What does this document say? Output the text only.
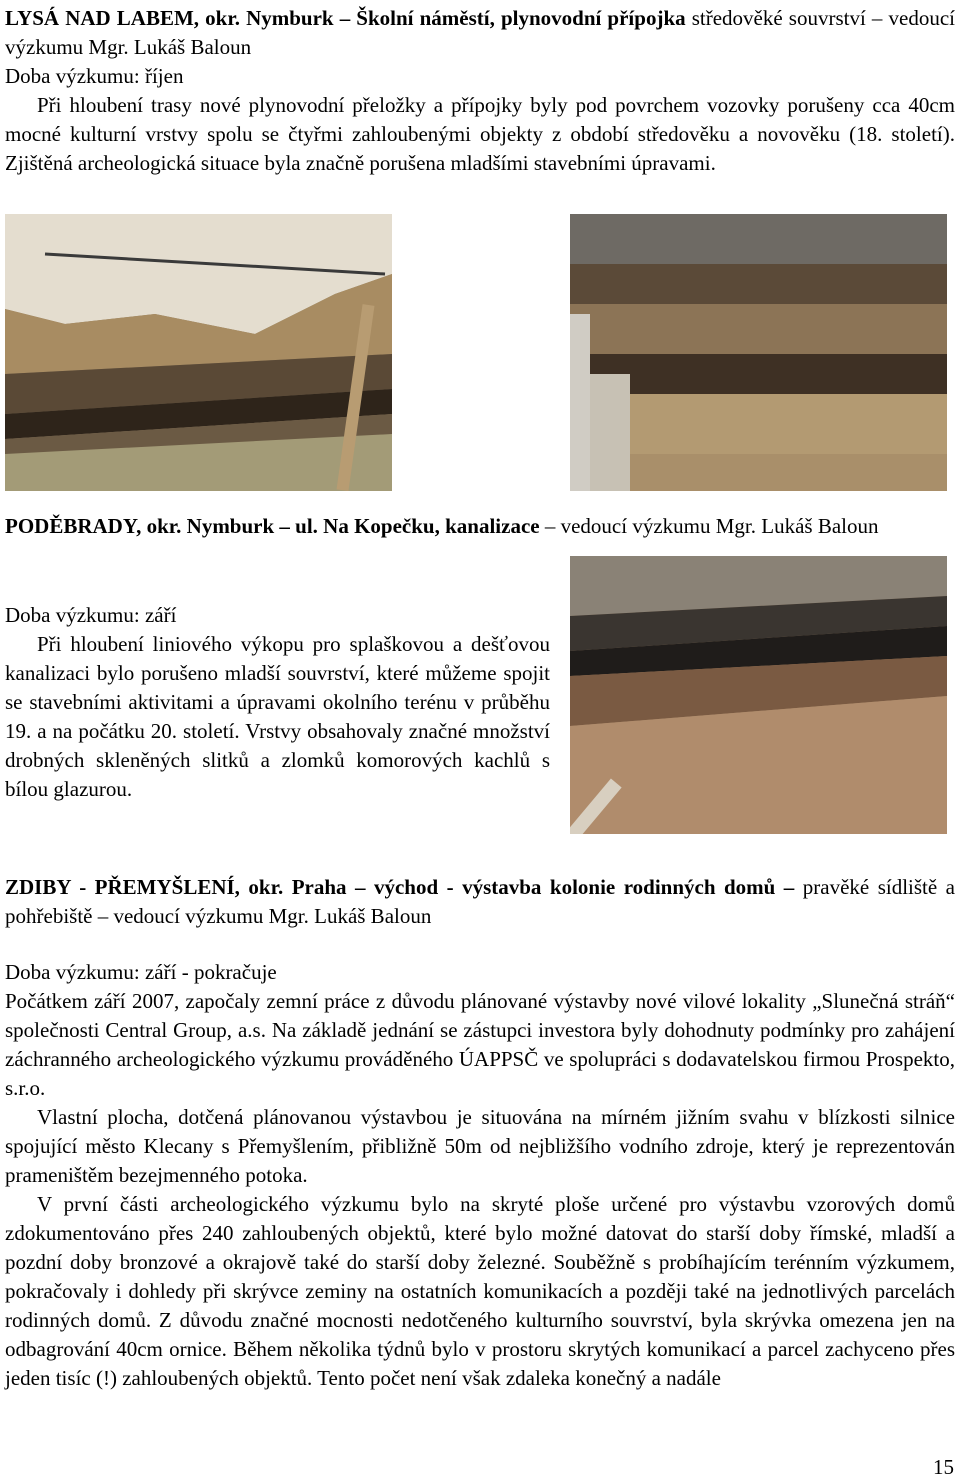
LYSÁ NAD LABEM, okr. Nymburk – Školní náměstí, plynovodní přípojka středověké souvrství – vedoucí výzkumu Mgr. Lukáš Baloun
Doba výzkumu: říjen

Při hloubení trasy nové plynovodní přeložky a přípojky byly pod povrchem vozovky porušeny cca 40cm mocné kulturní vrstvy spolu se čtyřmi zahloubenými objekty z období středověku a novověku (18. století). Zjištěná archeologická situace byla značně porušena mladšími stavebními úpravami.

PODĚBRADY, okr. Nymburk – ul. Na Kopečku, kanalizace – vedoucí výzkumu Mgr. Lukáš Baloun
Doba výzkumu: září

Při hloubení liniového výkopu pro splaškovou a dešťovou kanalizaci bylo porušeno mladší souvrství, které můžeme spojit se stavebními aktivitami a úpravami okolního terénu v průběhu 19. a na počátku 20. století. Vrstvy obsahovaly značné množství drobných skleněných slitků a zlomků komorových kachlů s bílou glazurou.

ZDIBY - PŘEMYŠLENÍ, okr. Praha – východ - výstavba kolonie rodinných domů – pravěké sídliště a pohřebiště – vedoucí výzkumu Mgr. Lukáš Baloun
Doba výzkumu: září - pokračuje

Počátkem září 2007, započaly zemní práce z důvodu plánované výstavby nové vilové lokality „Slunečná stráň“ společnosti Central Group, a.s. Na základě jednání se zástupci investora byly dohodnuty podmínky pro zahájení záchranného archeologického výzkumu prováděného ÚAPPSČ ve spolupráci s dodavatelskou firmou Prospekto, s.r.o.

Vlastní plocha, dotčená plánovanou výstavbou je situována na mírném jižním svahu v blízkosti silnice spojující město Klecany s Přemyšlením, přibližně 50m od nejbližšího vodního zdroje, který je reprezentován prameništěm bezejmenného potoka.

V první části archeologického výzkumu bylo na skryté ploše určené pro výstavbu vzorových domů zdokumentováno přes 240 zahloubených objektů, které bylo možné datovat do starší doby římské, mladší a pozdní doby bronzové a okrajově také do starší doby železné. Souběžně s probíhajícím terénním výzkumem, pokračovaly i dohledy při skrývce zeminy na ostatních komunikacích a později také na jednotlivých parcelách rodinných domů. Z důvodu značné mocnosti nedotčeného kulturního souvrství, byla skrývka omezena jen na odbagrování 40cm ornice. Během několika týdnů bylo v prostoru skrytých komunikací a parcel zachyceno přes jeden tisíc (!) zahloubených objektů. Tento počet není však zdaleka konečný a nadále

15
